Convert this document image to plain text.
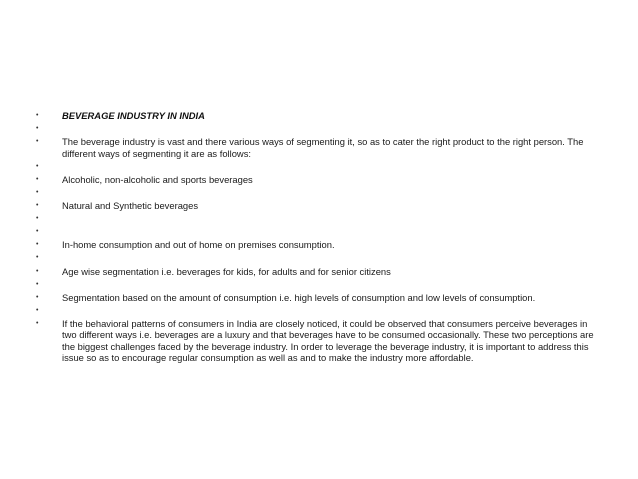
•	BEVERAGE INDUSTRY IN INDIA
•
•	The beverage industry is vast and there various ways of segmenting it, so as to cater the right product to the right person. The different ways of segmenting it are as follows:
•
•	Alcoholic, non-alcoholic and sports beverages
•
•	Natural and Synthetic beverages
•
•
•	In-home consumption and out of home on premises consumption.
•
•	Age wise segmentation i.e. beverages for kids, for adults and for senior citizens
•
•	Segmentation based on the amount of consumption i.e. high levels of consumption and low levels of consumption.
•
•	If the behavioral patterns of consumers in India are closely noticed, it could be observed that consumers perceive beverages in two different ways i.e. beverages are a luxury and that beverages have to be consumed occasionally. These two perceptions are the biggest challenges faced by the beverage industry. In order to leverage the beverage industry, it is important to address this issue so as to encourage regular consumption as well as and to make the industry more affordable.
